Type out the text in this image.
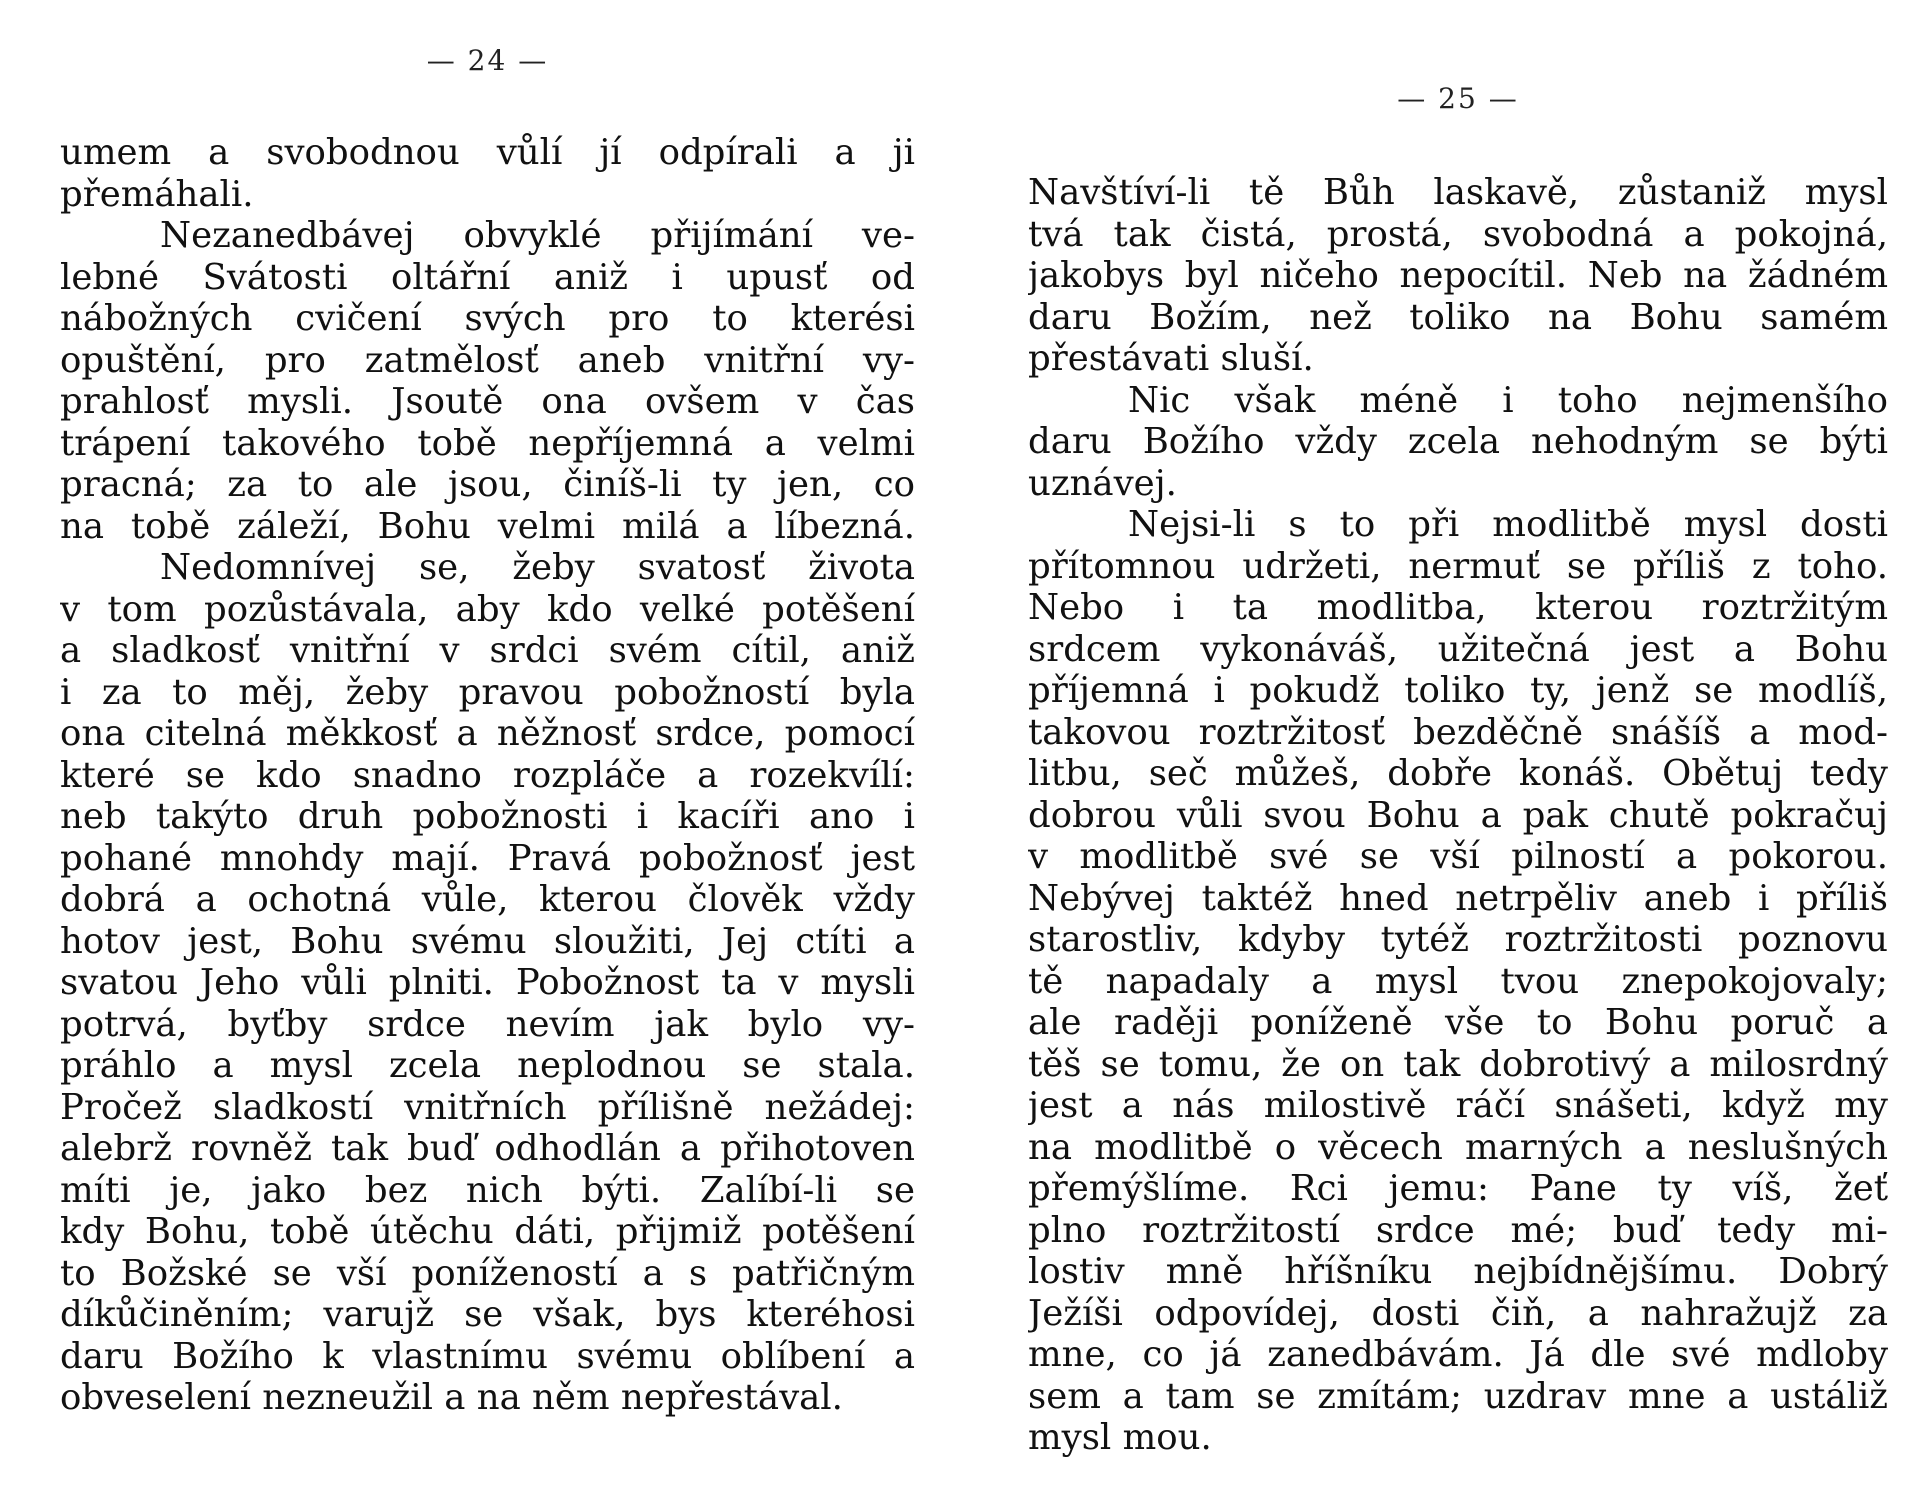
— 24 —
umem a svobodnou vůlí jí odpírali a ji
přemáhali.
Nezanedbávej obvyklé přijímání ve-
lebné Svátosti oltářní aniž i upusť od
nábožných cvičení svých pro to kterési
opuštění, pro zatmělosť aneb vnitřní vy-
prahlosť mysli. Jsoutě ona ovšem v čas
trápení takového tobě nepříjemná a velmi
pracná; za to ale jsou, činíš-li ty jen, co
na tobě záleží, Bohu velmi milá a líbezná.
Nedomnívej se, žeby svatosť života
v tom pozůstávala, aby kdo velké potěšení
a sladkosť vnitřní v srdci svém cítil, aniž
i za to měj, žeby pravou pobožností byla
ona citelná měkkosť a něžnosť srdce, pomocí
které se kdo snadno rozpláče a rozekvílí:
neb takýto druh pobožnosti i kacíři ano i
pohané mnohdy mají. Pravá pobožnosť jest
dobrá a ochotná vůle, kterou člověk vždy
hotov jest, Bohu svému sloužiti, Jej ctíti a
svatou Jeho vůli plniti. Pobožnost ta v mysli
potrvá, byťby srdce nevím jak bylo vy-
práhlo a mysl zcela neplodnou se stala.
Pročež sladkostí vnitřních přílišně nežádej:
alebrž rovněž tak buď odhodlán a přihotoven
míti je, jako bez nich býti. Zalíbí-li se
kdy Bohu, tobě útěchu dáti, přijmiž potěšení
to Božské se vší ponížeností a s patřičným
díkůčiněním; varujž se však, bys kteréhosi
daru Božího k vlastnímu svému oblíbení a
obveselení nezneužil a na něm nepřestával.
— 25 —
Navštíví-li tě Bůh laskavě, zůstaniž mysl
tvá tak čistá, prostá, svobodná a pokojná,
jakobys byl ničeho nepocítil. Neb na žádném
daru Božím, než toliko na Bohu samém
přestávati sluší.
Nic však méně i toho nejmenšího
daru Božího vždy zcela nehodným se býti
uznávej.
Nejsi-li s to při modlitbě mysl dosti
přítomnou udržeti, nermuť se příliš z toho.
Nebo i ta modlitba, kterou roztržitým
srdcem vykonáváš, užitečná jest a Bohu
příjemná i pokudž toliko ty, jenž se modlíš,
takovou roztržitosť bezděčně snášíš a mod-
litbu, seč můžeš, dobře konáš. Obětuj tedy
dobrou vůli svou Bohu a pak chutě pokračuj
v modlitbě své se vší pilností a pokorou.
Nebývej taktéž hned netrpěliv aneb i příliš
starostliv, kdyby tytéž roztržitosti poznovu
tě napadaly a mysl tvou znepokojovaly;
ale raději poníženě vše to Bohu poruč a
těš se tomu, že on tak dobrotivý a milosrdný
jest a nás milostivě ráčí snášeti, když my
na modlitbě o věcech marných a neslušných
přemýšlíme. Rci jemu: Pane ty víš, žeť
plno roztržitostí srdce mé; buď tedy mi-
lostiv mně hříšníku nejbídnějšímu. Dobrý
Ježíši odpovídej, dosti čiň, a nahražujž za
mne, co já zanedbávám. Já dle své mdloby
sem a tam se zmítám; uzdrav mne a ustáliž
mysl mou.
